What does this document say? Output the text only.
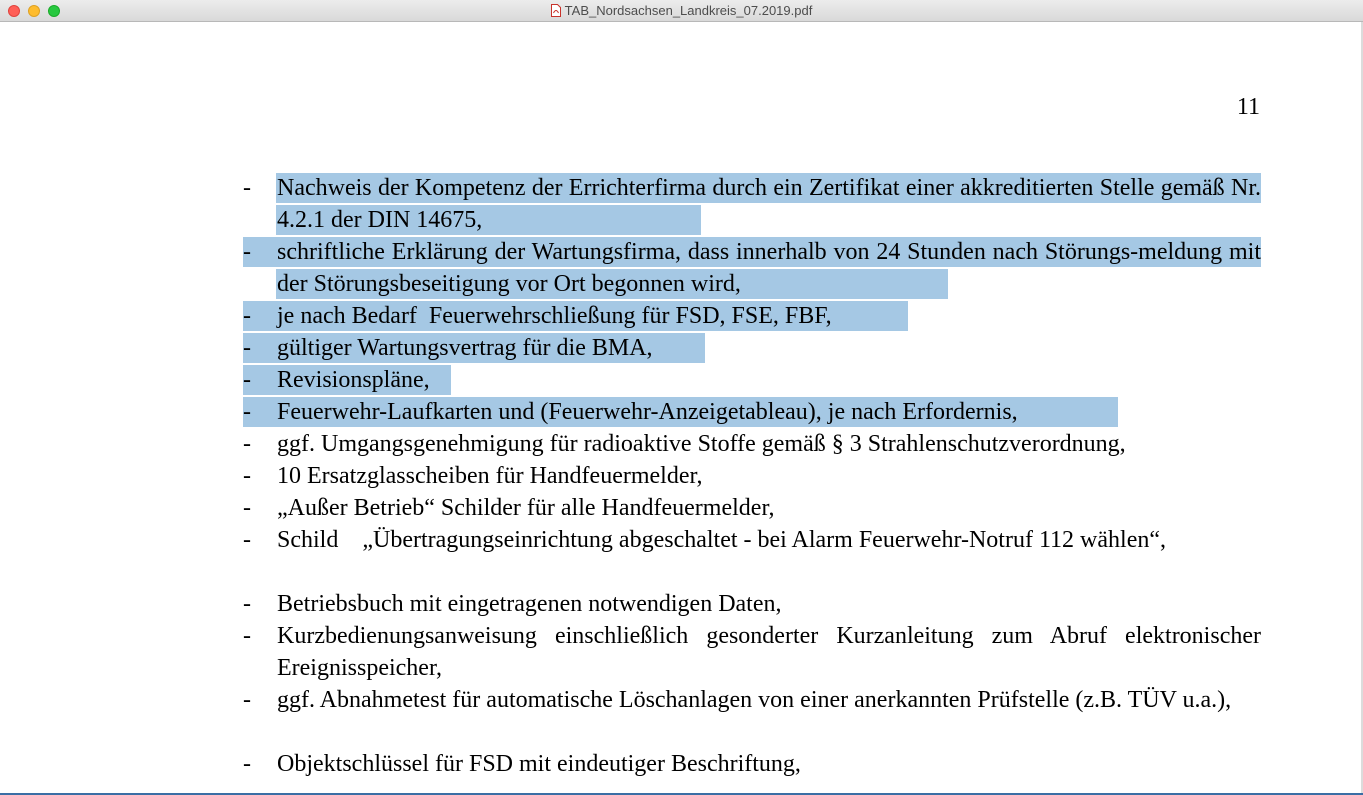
TAB_Nordsachsen_Landkreis_07.2019.pdf
11
- Nachweis der Kompetenz der Errichterfirma durch ein Zertifikat einer akkreditierten Stelle gemäß Nr. 4.2.1 der DIN 14675,
- schriftliche Erklärung der Wartungsfirma, dass innerhalb von 24 Stunden nach Störungs-meldung mit der Störungsbeseitigung vor Ort begonnen wird,
- je nach Bedarf  Feuerwehrschließung für FSD, FSE, FBF,
- gültiger Wartungsvertrag für die BMA,
- Revisionspläne,
- Feuerwehr-Laufkarten und (Feuerwehr-Anzeigetableau), je nach Erfordernis,
- ggf. Umgangsgenehmigung für radioaktive Stoffe gemäß § 3 Strahlenschutzverordnung,
- 10 Ersatzglasscheiben für Handfeuermelder,
- „Außer Betrieb“ Schilder für alle Handfeuermelder,
- Schild    „Übertragungseinrichtung abgeschaltet - bei Alarm Feuerwehr-Notruf 112 wählen“,
- Betriebsbuch mit eingetragenen notwendigen Daten,
- Kurzbedienungsanweisung einschließlich gesonderter Kurzanleitung zum Abruf elektronischer Ereignisspeicher,
- ggf. Abnahmetest für automatische Löschanlagen von einer anerkannten Prüfstelle (z.B. TÜV u.a.),
- Objektschlüssel für FSD mit eindeutiger Beschriftung,
